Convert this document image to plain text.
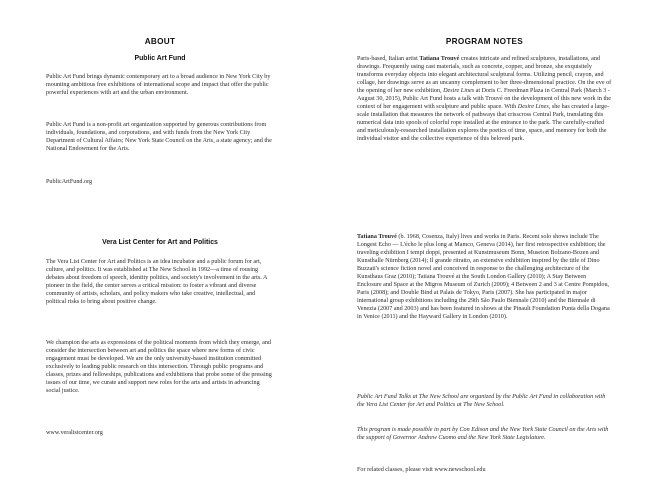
ABOUT
Public Art Fund

Public Art Fund brings dynamic contemporary art to a broad audience in New York City by mounting ambitious free exhibitions of international scope and impact that offer the public powerful experiences with art and the urban environment.

Public Art Fund is a non-profit art organization supported by generous contributions from individuals, foundations, and corporations, and with funds from the New York City Department of Cultural Affairs; New York State Council on the Arts, a state agency; and the National Endowment for the Arts.

PublicArtFund.org

Vera List Center for Art and Politics

The Vera List Center for Art and Politics is an idea incubator and a public forum for art, culture, and politics. It was established at The New School in 1992—a time of rousing debates about freedom of speech, identity politics, and society's involvement in the arts. A pioneer in the field, the center serves a critical mission: to foster a vibrant and diverse community of artists, scholars, and policy makers who take creative, intellectual, and political risks to bring about positive change.

We champion the arts as expressions of the political moments from which they emerge, and consider the intersection between art and politics the space where new forms of civic engagement must be developed. We are the only university-based institution committed exclusively to leading public research on this intersection. Through public programs and classes, prizes and fellowships, publications and exhibitions that probe some of the pressing issues of our time, we curate and support new roles for the arts and artists in advancing social justice.

www.veralistcenter.org

PROGRAM NOTES

Paris-based, Italian artist Tatiana Trouvé creates intricate and refined sculptures, installations, and drawings. Frequently using cast materials, such as concrete, copper, and bronze, she exquisitely transforms everyday objects into elegant architectural sculptural forms. Utilizing pencil, crayon, and collage, her drawings serve as an uncanny complement to her three-dimensional practice. On the eve of the opening of her new exhibition, Desire Lines at Doris C. Freedman Plaza in Central Park (March 3 -August 30, 2015), Public Art Fund hosts a talk with Trouvé on the development of this new work in the context of her engagement with sculpture and public space. With Desire Lines, she has created a large-scale installation that measures the network of pathways that crisscross Central Park, translating this numerical data into spools of colorful rope installed at the entrance to the park. The carefully-crafted and meticulously-researched installation explores the poetics of time, space, and memory for both the individual visitor and the collective experience of this beloved park.

Tatiana Trouvé (b. 1968, Cosenza, Italy) lives and works in Paris. Recent solo shows include The Longest Echo — L'écho le plus long at Mamco, Geneva (2014), her first retrospective exhibition; the traveling exhibition I tempi doppi, presented at Kunstmuseum Bonn, Museion Bolzano-Bozen and Kunsthalle Nürnberg (2014); Il grande ritratto, an extensive exhibition inspired by the title of Dino Buzzati's science fiction novel and conceived in response to the challenging architecture of the Kunsthaus Graz (2010); Tatiana Trouvé at the South London Gallery (2010); A Stay Between Enclosure and Space at the Migros Museum of Zurich (2009); 4 Between 2 and 3 at Centre Pompidou, Paris (2008); and Double Bind at Palais de Tokyo, Paris (2007). She has participated in major international group exhibitions including the 29th São Paulo Biennale (2010) and the Biennale di Venezia (2007 and 2003) and has been featured in shows at the Pinault Foundation Punta della Dogana in Venice (2011) and the Hayward Gallery in London (2010).

Public Art Fund Talks at The New School are organized by the Public Art Fund in collaboration with the Vera List Center for Art and Politics at The New School.

This program is made possible in part by Con Edison and the New York State Council on the Arts with the support of Governor Andrew Cuomo and the New York State Legislature.

For related classes, please visit www.newschool.edu
